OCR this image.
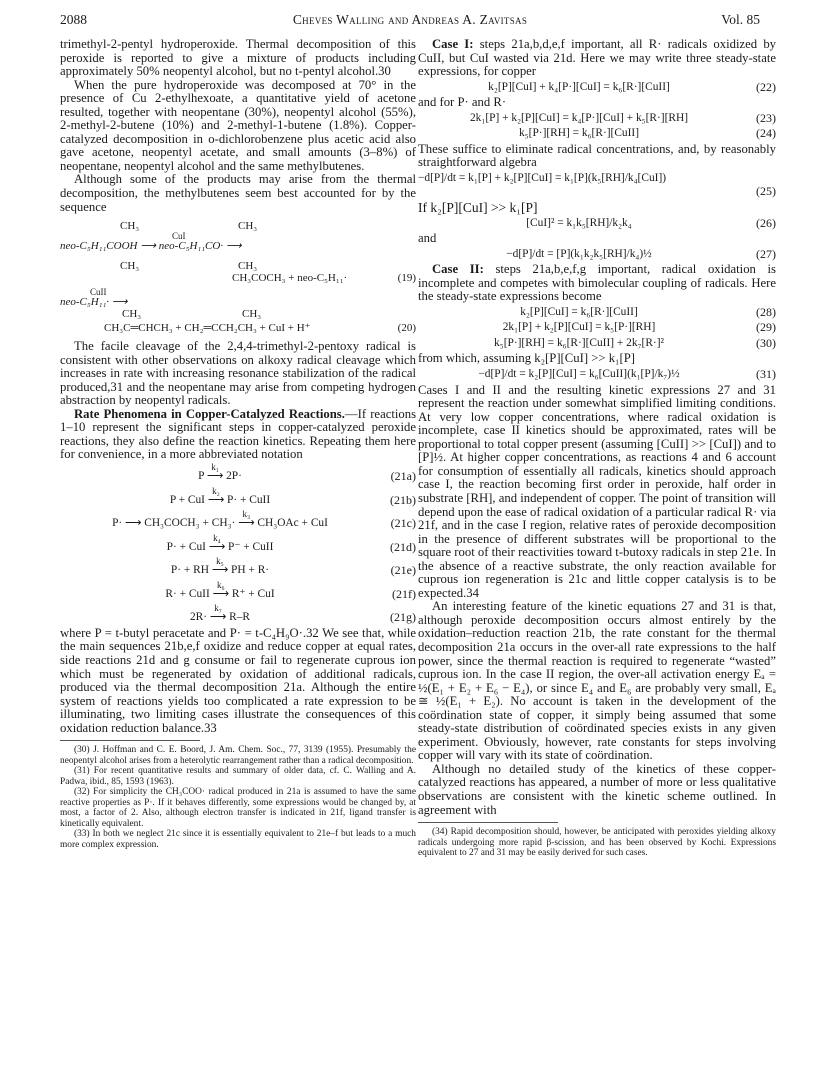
2088	Cheves Walling and Andreas A. Zavitsas	Vol. 85

trimethyl-2-pentyl hydroperoxide. Thermal decomposition of this peroxide is reported to give a mixture of products including approximately 50% neopentyl alcohol, but no t-pentyl alcohol.30

When the pure hydroperoxide was decomposed at 70° in the presence of Cu 2-ethylhexoate, a quantitative yield of acetone resulted, together with neopentane (30%), neopentyl alcohol (55%), 2-methyl-2-butene (10%) and 2-methyl-1-butene (1.8%). Copper-catalyzed decomposition in o-dichlorobenzene plus acetic acid also gave acetone, neopentyl acetate, and small amounts (3–8%) of neopentane, neopentyl alcohol and the same methylbutenes.

Although some of the products may arise from the thermal decomposition, the methylbutenes seem best accounted for by the sequence

CH₃	CH₃
CuI
neo-C₅H₁₁COOH ⟶ neo-C₅H₁₁CO· ⟶
CH₃	CH₃
CH₃COCH₃ + neo-C₅H₁₁·	(19)
CuII
neo-C₅H₁₁· ⟶
CH₃	CH₃
CH₃C═CHCH₃ + CH₂═CCH₂CH₃ + CuI + H⁺	(20)

The facile cleavage of the 2,4,4-trimethyl-2-pentoxy radical is consistent with other observations on alkoxy radical cleavage which increases in rate with increasing resonance stabilization of the radical produced,31 and the neopentane may arise from competing hydrogen abstraction by neopentyl radicals.

Rate Phenomena in Copper-Catalyzed Reactions.—If reactions 1–10 represent the significant steps in copper-catalyzed peroxide reactions, they also define the reaction kinetics. Repeating them here for convenience, in a more abbreviated notation

P ⟶
k₁
2P·	(21a)
P + CuI ⟶
k₂
P· + CuII	(21b)
P· ⟶ CH₃COCH₃ + CH₃· ⟶
k₃
CH₃OAc + CuI	(21c)
P· + CuI ⟶
k₄
P⁻ + CuII	(21d)
P· + RH ⟶
k₅
PH + R·	(21e)
R· + CuII ⟶
k₆
R⁺ + CuI	(21f)
2R· ⟶
k₇
R–R	(21g)

where P = t-butyl peracetate and P· = t-C₄H₉O·.32 We see that, while the main sequences 21b,e,f oxidize and reduce copper at equal rates, side reactions 21d and g consume or fail to regenerate cuprous ion which must be regenerated by oxidation of additional radicals, produced via the thermal decomposition 21a. Although the entire system of reactions yields too complicated a rate expression to be illuminating, two limiting cases illustrate the consequences of this oxidation reduction balance.33

(30) J. Hoffman and C. E. Boord, J. Am. Chem. Soc., 77, 3139 (1955). Presumably the neopentyl alcohol arises from a heterolytic rearrangement rather than a radical decomposition.

(31) For recent quantitative results and summary of older data, cf. C. Walling and A. Padwa, ibid., 85, 1593 (1963).

(32) For simplicity the CH₃COO· radical produced in 21a is assumed to have the same reactive properties as P·. If it behaves differently, some expressions would be changed by, at most, a factor of 2. Also, although electron transfer is indicated in 21f, ligand transfer is kinetically equivalent.

(33) In both we neglect 21c since it is essentially equivalent to 21e–f but leads to a much more complex expression.

Case I: steps 21a,b,d,e,f important, all R· radicals oxidized by CuII, but CuI wasted via 21d. Here we may write three steady-state expressions, for copper

k₂[P][CuI] + k₄[P·][CuI] = k₆[R·][CuII]	(22)

and for P· and R·

2k₁[P] + k₂[P][CuI] = k₄[P·][CuI] + k₅[R·][RH]	(23)
k₅[P·][RH] = k₆[R·][CuII]	(24)

These suffice to eliminate radical concentrations, and, by reasonably straightforward algebra

−d[P]/dt = k₁[P] + k₂[P][CuI] = k₁[P](k₅[RH]/k₄[CuI])
(25)

If k₂[P][CuI] >> k₁[P]

[CuI]² = k₁k₅[RH]/k₂k₄	(26)

and

−d[P]/dt = [P](k₁k₂k₅[RH]/k₄)½	(27)

Case II: steps 21a,b,e,f,g important, radical oxidation is incomplete and competes with bimolecular coupling of radicals. Here the steady-state expressions become

k₂[P][CuI] = k₆[R·][CuII]	(28)
2k₁[P] + k₂[P][CuI] = k₅[P·][RH]	(29)
k₅[P·][RH] = k₆[R·][CuII] + 2k₇[R·]²	(30)

from which, assuming k₂[P][CuI] >> k₁[P]

−d[P]/dt = k₂[P][CuI] = k₆[CuII](k₁[P]/k₇)½	(31)

Cases I and II and the resulting kinetic expressions 27 and 31 represent the reaction under somewhat simplified limiting conditions. At very low copper concentrations, where radical oxidation is incomplete, case II kinetics should be approximated, rates will be proportional to total copper present (assuming [CuII] >> [CuI]) and to [P]½. At higher copper concentrations, as reactions 4 and 6 account for consumption of essentially all radicals, kinetics should approach case I, the reaction becoming first order in peroxide, half order in substrate [RH], and independent of copper. The point of transition will depend upon the ease of radical oxidation of a particular radical R· via 21f, and in the case I region, relative rates of peroxide decomposition in the presence of different substrates will be proportional to the square root of their reactivities toward t-butoxy radicals in step 21e. In the absence of a reactive substrate, the only reaction available for cuprous ion regeneration is 21c and little copper catalysis is to be expected.34

An interesting feature of the kinetic equations 27 and 31 is that, although peroxide decomposition occurs almost entirely by the oxidation–reduction reaction 21b, the rate constant for the thermal decomposition 21a occurs in the over-all rate expressions to the half power, since the thermal reaction is required to regenerate “wasted” cuprous ion. In the case II region, the over-all activation energy Eₐ = ½(E₁ + E₂ + E₆ − E₄), or since E₄ and E₆ are probably very small, Eₐ ≅ ½(E₁ + E₂). No account is taken in the development of the coördination state of copper, it simply being assumed that some steady-state distribution of coördinated species exists in any given experiment. Obviously, however, rate constants for steps involving copper will vary with its state of coördination.

Although no detailed study of the kinetics of these copper-catalyzed reactions has appeared, a number of more or less qualitative observations are consistent with the kinetic scheme outlined. In agreement with

(34) Rapid decomposition should, however, be anticipated with peroxides yielding alkoxy radicals undergoing more rapid β-scission, and has been observed by Kochi. Expressions equivalent to 27 and 31 may be easily derived for such cases.
